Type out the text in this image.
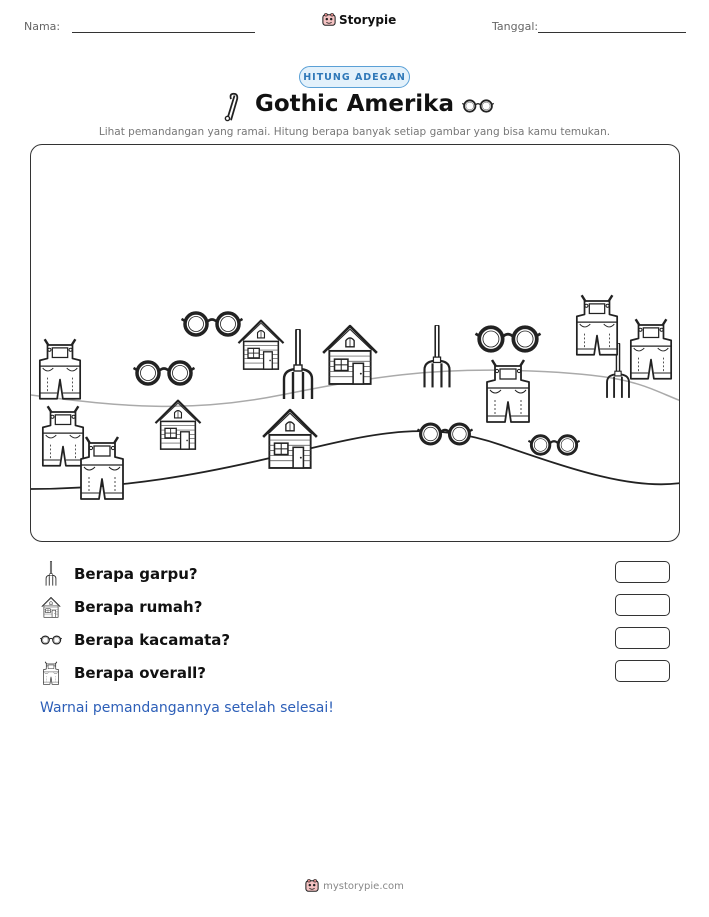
Nama:	Storypie	Tanggal:
HITUNG ADEGAN
Gothic Amerika
Lihat pemandangan yang ramai. Hitung berapa banyak setiap gambar yang bisa kamu temukan.
Berapa garpu?
Berapa rumah?
Berapa kacamata?
Berapa overall?
Warnai pemandangannya setelah selesai!
mystorypie.com
